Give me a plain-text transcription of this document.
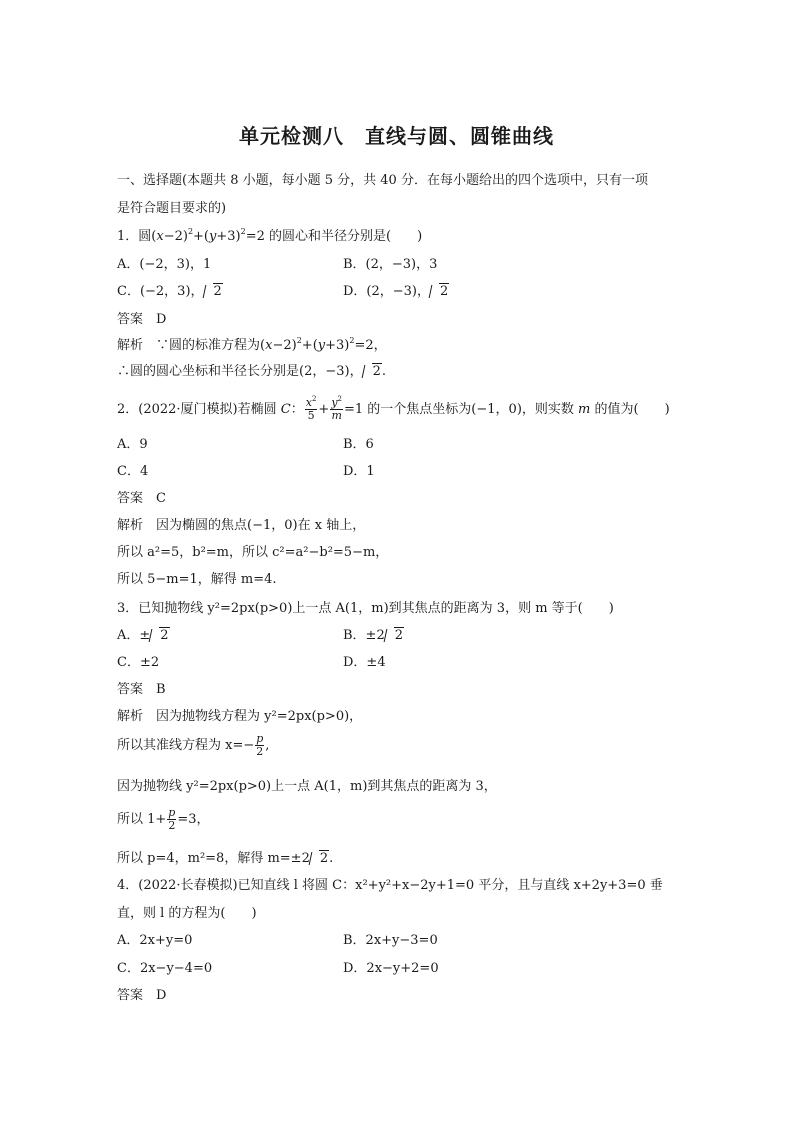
单元检测八　直线与圆、圆锥曲线
一、选择题(本题共 8 小题，每小题 5 分，共 40 分．在每小题给出的四个选项中，只有一项
是符合题目要求的)
1．圆$(x-2)^2+(y+3)^2=2$ 的圆心和半径分别是(　　)
A．(−2，3)，1	B．(2，−3)，3
C．(−2，3)， 2	D．(2，−3)， 2
答案　 D
解析　 ∵圆的标准方程为$(x-2)^2+(y+3)^2=2$，
∴圆的圆心坐标和半径长分别是(2，−3)， 2.
2．(2022·厦门模拟)若椭圆 C： $\frac{x^2}{5} + \frac{y^2}{m} =1$ 的一个焦点坐标为(−1，0)，则实数 m 的值为(　　)
A．9	B．6
C．4	D．1
答案　 C
解析　 因为椭圆的焦点(−1，0)在 x 轴上，
所以 a²=5，b²=m，所以 c²=a²−b²=5−m，
所以 5−m=1，解得 m=4.
3．已知抛物线 y²=2px(p>0)上一点 A(1，m)到其焦点的距离为 3，则 m 等于(　　)
A．± 2	B．±2 2
C．±2	D．±4
答案　 B
解析　 因为抛物线方程为 y²=2px(p>0)，
所以其准线方程为 $x=- \frac{p}{2}$ ,
因为抛物线 y²=2px(p>0)上一点 A(1，m)到其焦点的距离为 3，
所以 $1+ \frac{p}{2} =3$，
所以 p=4，m²=8，解得 m=±2 2.
4．(2022·长春模拟)已知直线 l 将圆 C：x²+y²+x−2y+1=0 平分，且与直线 x+2y+3=0 垂
直，则 l 的方程为(　　)
A．2x+y=0	B．2x+y−3=0
C．2x−y−4=0	D．2x−y+2=0
答案　 D
